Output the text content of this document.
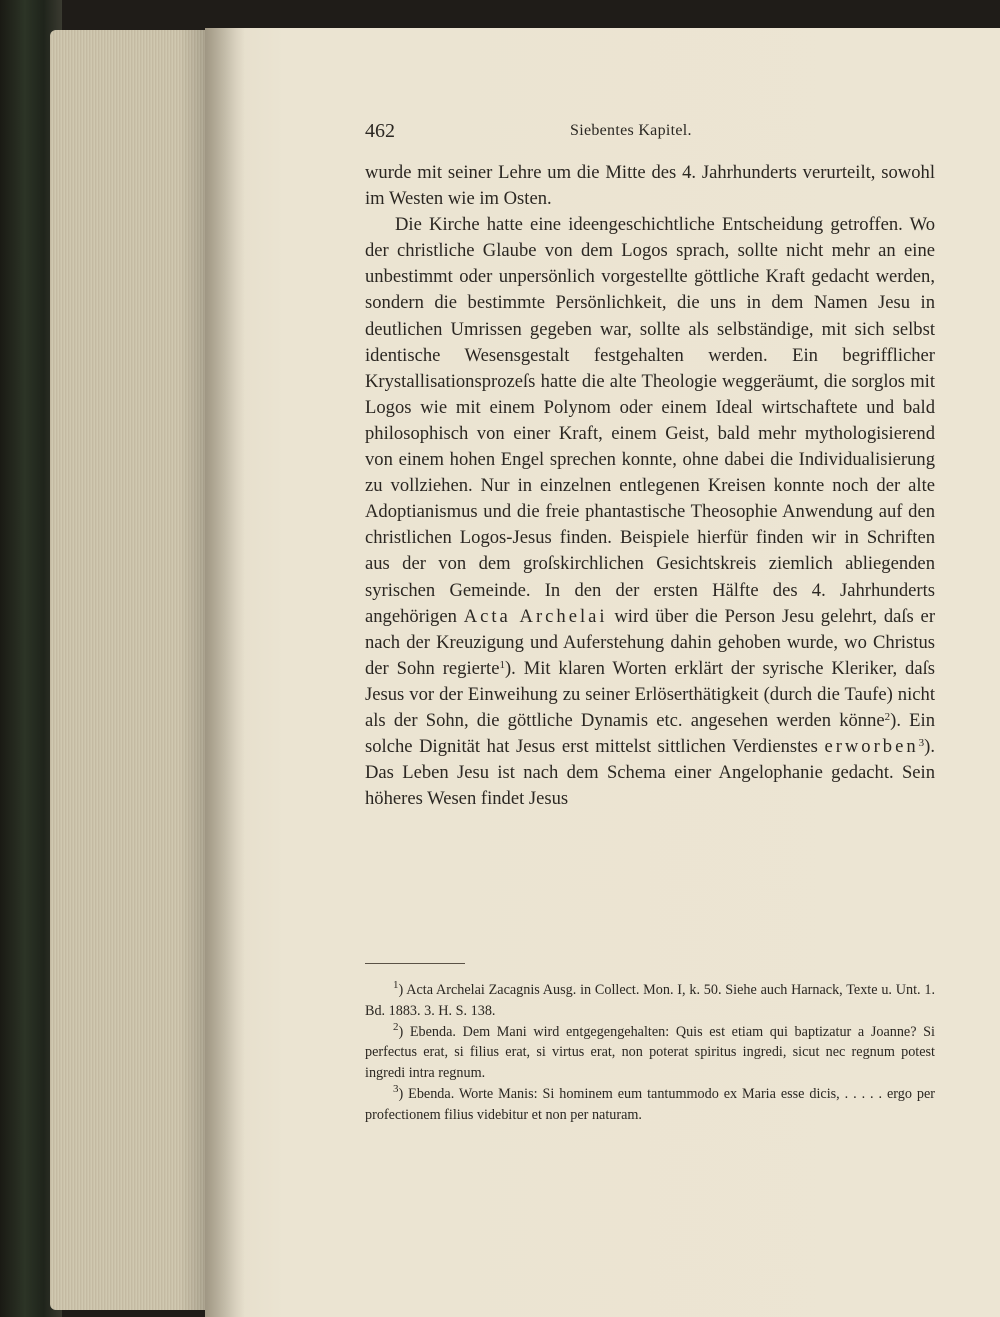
462	Siebentes Kapitel.

wurde mit seiner Lehre um die Mitte des 4. Jahrhunderts verurteilt, sowohl im Westen wie im Osten.

Die Kirche hatte eine ideengeschichtliche Entscheidung getroffen. Wo der christliche Glaube von dem Logos sprach, sollte nicht mehr an eine unbestimmt oder unpersönlich vorgestellte göttliche Kraft gedacht werden, sondern die bestimmte Persönlichkeit, die uns in dem Namen Jesu in deutlichen Umrissen gegeben war, sollte als selbständige, mit sich selbst identische Wesensgestalt festgehalten werden. Ein begrifflicher Krystallisationsprozeſs hatte die alte Theologie weggeräumt, die sorglos mit Logos wie mit einem Polynom oder einem Ideal wirtschaftete und bald philosophisch von einer Kraft, einem Geist, bald mehr mythologisierend von einem hohen Engel sprechen konnte, ohne dabei die Individualisierung zu vollziehen. Nur in einzelnen entlegenen Kreisen konnte noch der alte Adoptianismus und die freie phantastische Theosophie Anwendung auf den christlichen Logos-Jesus finden. Beispiele hierfür finden wir in Schriften aus der von dem groſskirchlichen Gesichtskreis ziemlich abliegenden syrischen Gemeinde. In den der ersten Hälfte des 4. Jahrhunderts angehörigen Acta Archelai wird über die Person Jesu gelehrt, daſs er nach der Kreuzigung und Auferstehung dahin gehoben wurde, wo Christus der Sohn regierte$^1$). Mit klaren Worten erklärt der syrische Kleriker, daſs Jesus vor der Einweihung zu seiner Erlöserthätigkeit (durch die Taufe) nicht als der Sohn, die göttliche Dynamis etc. angesehen werden könne$^2$). Ein solche Dignität hat Jesus erst mittelst sittlichen Verdienstes erworben$^3$). Das Leben Jesu ist nach dem Schema einer Angelophanie gedacht. Sein höheres Wesen findet Jesus

$^1$) Acta Archelai Zacagnis Ausg. in Collect. Mon. I, k. 50. Siehe auch Harnack, Texte u. Unt. 1. Bd. 1883. 3. H. S. 138.

$^2$) Ebenda. Dem Mani wird entgegengehalten: Quis est etiam qui baptizatur a Joanne? Si perfectus erat, si filius erat, si virtus erat, non poterat spiritus ingredi, sicut nec regnum potest ingredi intra regnum.

$^3$) Ebenda. Worte Manis: Si hominem eum tantummodo ex Maria esse dicis, . . . . . ergo per profectionem filius videbitur et non per naturam.
